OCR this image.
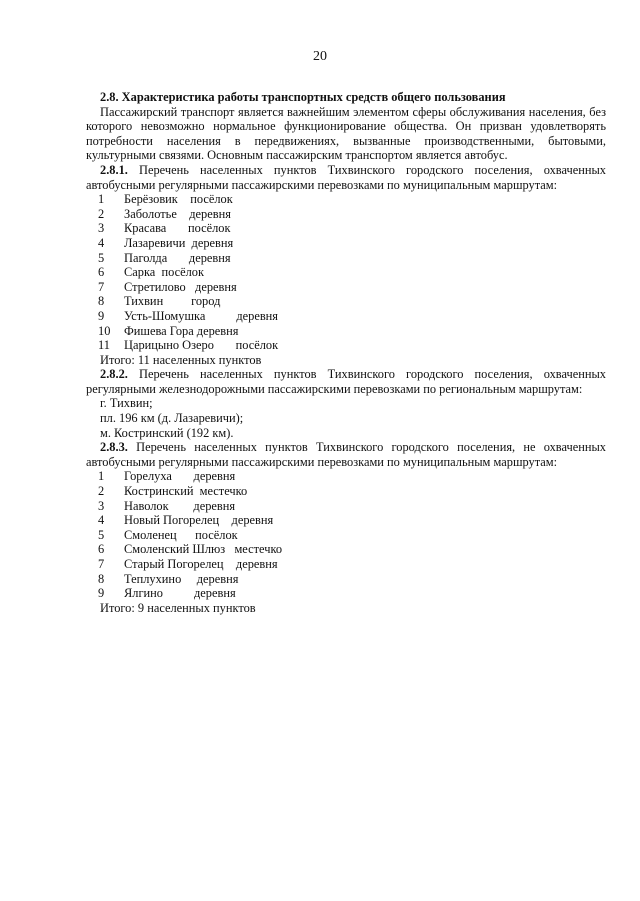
20

2.8. Характеристика работы транспортных средств общего пользования

Пассажирский транспорт является важнейшим элементом сферы обслуживания населения, без которого невозможно нормальное функционирование общества. Он призван удовлетворять потребности населения в передвижениях, вызванные производственными, бытовыми, культурными связями. Основным пассажирским транспортом является автобус.

2.8.1. Перечень населенных пунктов Тихвинского городского поселения, охваченных автобусными регулярными пассажирскими перевозками по муниципальным маршрутам:

1	Берёзовик    посёлок
2	Заболотье    деревня
3	Красава       посёлок
4	Лазаревичи  деревня
5	Паголда       деревня
6	Сарка  посёлок
7	Стретилово   деревня
8	Тихвин         город
9	Усть-Шомушка          деревня
10	Фишева Гора деревня
11	Царицыно Озеро       посёлок

Итого: 11 населенных пунктов

2.8.2. Перечень населенных пунктов Тихвинского городского поселения, охваченных регулярными железнодорожными пассажирскими перевозками по региональным маршрутам:

г. Тихвин;

пл. 196 км (д. Лазаревичи);

м. Костринский (192 км).

2.8.3. Перечень населенных пунктов Тихвинского городского поселения, не охваченных автобусными регулярными пассажирскими перевозками по муниципальным маршрутам:

1	Горелуха       деревня
2	Костринский  местечко
3	Наволок        деревня
4	Новый Погорелец    деревня
5	Смоленец      посёлок
6	Смоленский Шлюз   местечко
7	Старый Погорелец    деревня
8	Теплухино     деревня
9	Ялгино          деревня

Итого: 9 населенных пунктов
